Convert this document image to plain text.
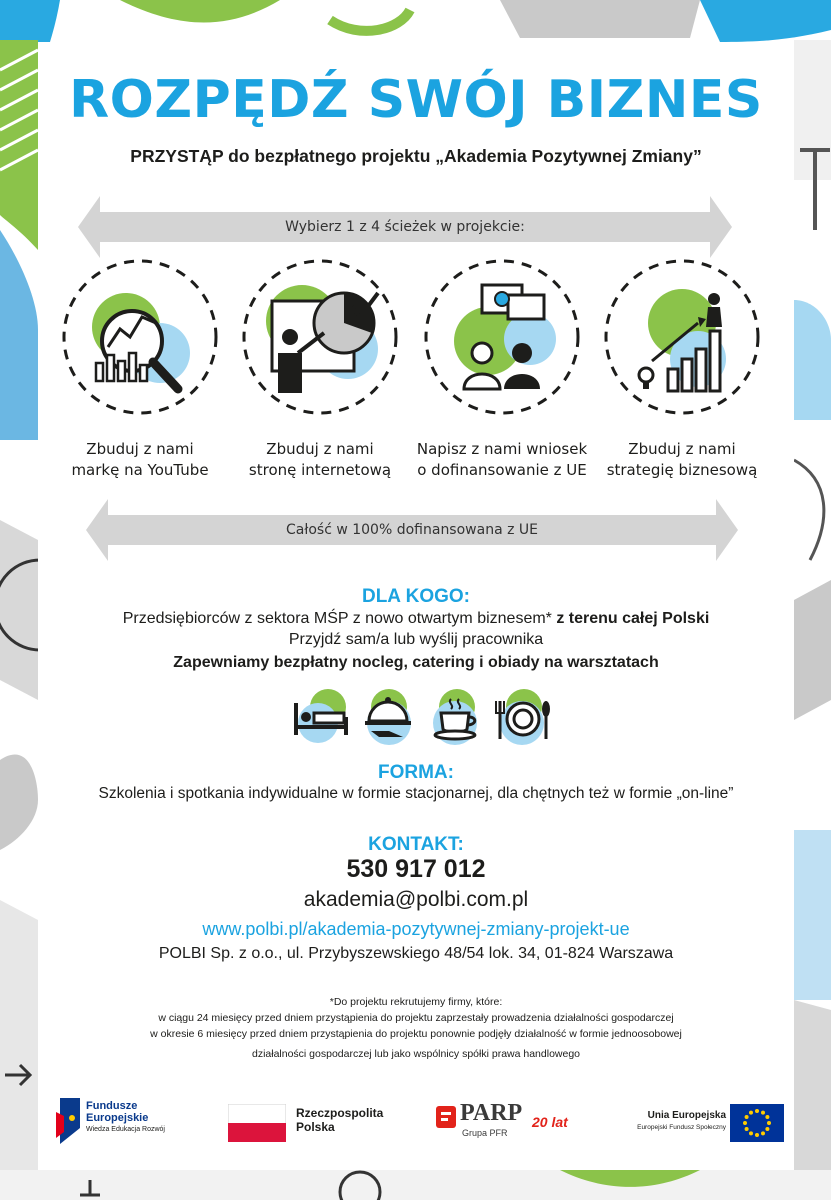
ROZPĘDŹ SWÓJ BIZNES
PRZYSTĄP do bezpłatnego projektu „Akademia Pozytywnej Zmiany”
Wybierz 1 z 4 ścieżek w projekcie:
Zbuduj z nami
markę na YouTube
Zbuduj z nami
stronę internetową
Napisz z nami wniosek
o dofinansowanie z UE
Zbuduj z nami
strategię biznesową
Całość w 100% dofinansowana z UE
DLA KOGO:
Przedsiębiorców z sektora MŚP z nowo otwartym biznesem* z terenu całej Polski
Przyjdź sam/a lub wyślij pracownika
Zapewniamy bezpłatny nocleg, catering i obiady na warsztatach
FORMA:
Szkolenia i spotkania indywidualne w formie stacjonarnej, dla chętnych też w formie „on-line”
KONTAKT:
530 917 012
akademia@polbi.com.pl
www.polbi.pl/akademia-pozytywnej-zmiany-projekt-ue
POLBI Sp. z o.o., ul. Przybyszewskiego 48/54 lok. 34, 01-824 Warszawa
*Do projektu rekrutujemy firmy, które:
w ciągu 24 miesięcy przed dniem przystąpienia do projektu zaprzestały prowadzenia działalności gospodarczej
w okresie 6 miesięcy przed dniem przystąpienia do projektu ponownie podjęły działalność w formie jednoosobowej
działalności gospodarczej lub jako wspólnicy spółki prawa handlowego
Fundusze
Europejskie
Wiedza Edukacja Rozwój
Rzeczpospolita
Polska
PARP 20 lat
Grupa PFR
Unia Europejska
Europejski Fundusz Społeczny
